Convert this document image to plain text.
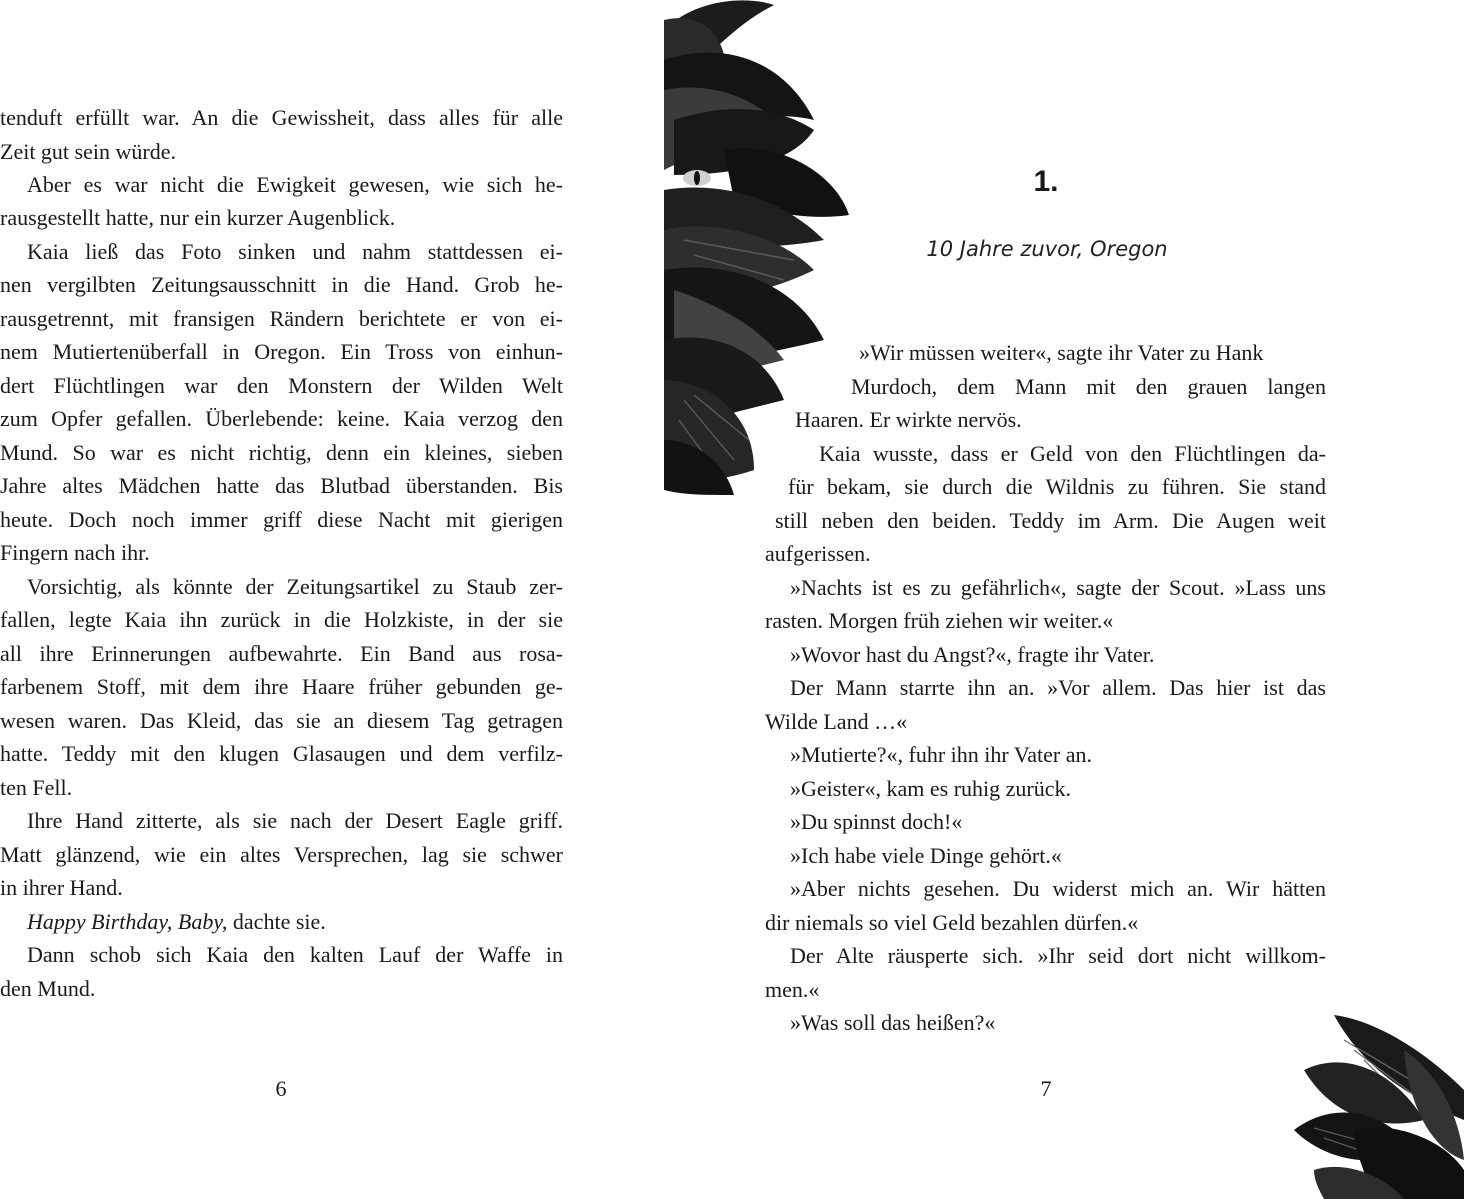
tenduft erfüllt war. An die Gewissheit, dass alles für alle
Zeit gut sein würde.
Aber es war nicht die Ewigkeit gewesen, wie sich he-
rausgestellt hatte, nur ein kurzer Augenblick.
Kaia ließ das Foto sinken und nahm stattdessen ei-
nen vergilbten Zeitungsausschnitt in die Hand. Grob he-
rausgetrennt, mit fransigen Rändern berichtete er von ei-
nem Mutiertenüberfall in Oregon. Ein Tross von einhun-
dert Flüchtlingen war den Monstern der Wilden Welt
zum Opfer gefallen. Überlebende: keine. Kaia verzog den
Mund. So war es nicht richtig, denn ein kleines, sieben
Jahre altes Mädchen hatte das Blutbad überstanden. Bis
heute. Doch noch immer griff diese Nacht mit gierigen
Fingern nach ihr.
Vorsichtig, als könnte der Zeitungsartikel zu Staub zer-
fallen, legte Kaia ihn zurück in die Holzkiste, in der sie
all ihre Erinnerungen aufbewahrte. Ein Band aus rosa-
farbenem Stoff, mit dem ihre Haare früher gebunden ge-
wesen waren. Das Kleid, das sie an diesem Tag getragen
hatte. Teddy mit den klugen Glasaugen und dem verfilz-
ten Fell.
Ihre Hand zitterte, als sie nach der Desert Eagle griff.
Matt glänzend, wie ein altes Versprechen, lag sie schwer
in ihrer Hand.
Happy Birthday, Baby, dachte sie.
Dann schob sich Kaia den kalten Lauf der Waffe in
den Mund.
6
1.
10 Jahre zuvor, Oregon
»Wir müssen weiter«, sagte ihr Vater zu Hank
Murdoch, dem Mann mit den grauen langen
Haaren. Er wirkte nervös.
Kaia wusste, dass er Geld von den Flüchtlingen da-
für bekam, sie durch die Wildnis zu führen. Sie stand
still neben den beiden. Teddy im Arm. Die Augen weit
aufgerissen.
»Nachts ist es zu gefährlich«, sagte der Scout. »Lass uns
rasten. Morgen früh ziehen wir weiter.«
»Wovor hast du Angst?«, fragte ihr Vater.
Der Mann starrte ihn an. »Vor allem. Das hier ist das
Wilde Land …«
»Mutierte?«, fuhr ihn ihr Vater an.
»Geister«, kam es ruhig zurück.
»Du spinnst doch!«
»Ich habe viele Dinge gehört.«
»Aber nichts gesehen. Du widerst mich an. Wir hätten
dir niemals so viel Geld bezahlen dürfen.«
Der Alte räusperte sich. »Ihr seid dort nicht willkom-
men.«
»Was soll das heißen?«
7
